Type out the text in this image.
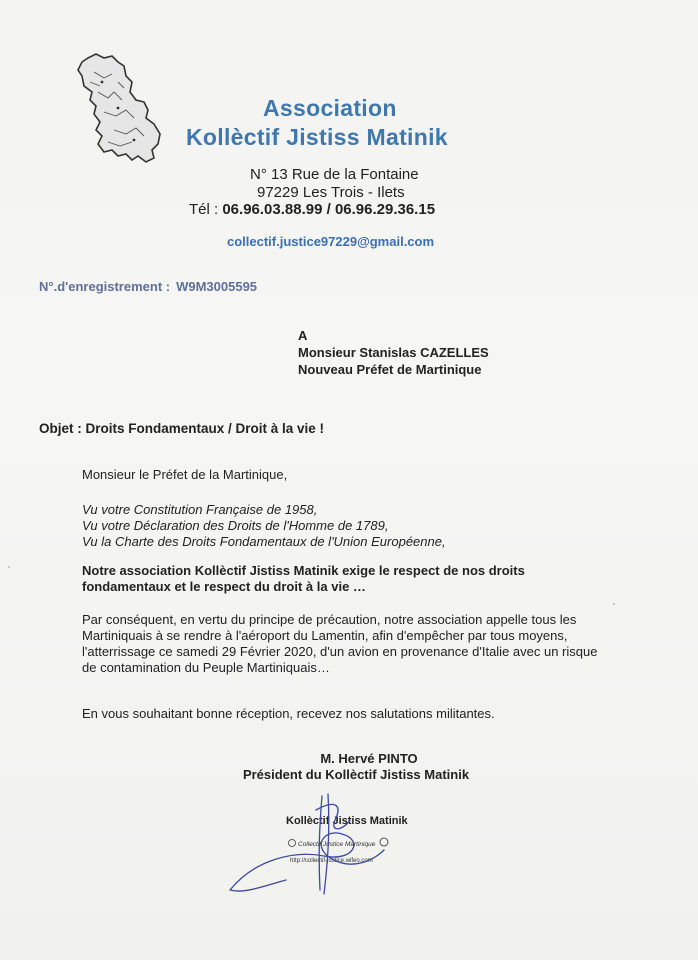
Association
Kollèctif Jistiss Matinik
N° 13 Rue de la Fontaine
97229 Les Trois - Ilets
Tél : 06.96.03.88.99 / 06.96.29.36.15
collectif.justice97229@gmail.com
N°.d'enregistrement : W9M3005595
A
Monsieur Stanislas CAZELLES
Nouveau Préfet de Martinique
Objet : Droits Fondamentaux / Droit à la vie !
Monsieur le Préfet de la Martinique,
Vu votre Constitution Française de 1958,
Vu votre Déclaration des Droits de l'Homme de 1789,
Vu la Charte des Droits Fondamentaux de l'Union Européenne,
Notre association Kollèctif Jistiss Matinik exige le respect de nos droits
fondamentaux et le respect du droit à la vie …
Par conséquent, en vertu du principe de précaution, notre association appelle tous les
Martiniquais à se rendre à l'aéroport du Lamentin, afin d'empêcher par tous moyens,
l'atterrissage ce samedi 29 Février 2020, d'un avion en provenance d'Italie avec un risque
de contamination du Peuple Martiniquais…
En vous souhaitant bonne réception, recevez nos salutations militantes.
M. Hervé PINTO
Président du Kollèctif Jistiss Matinik
Kollèctif Jistiss Matinik
Collectif Justice Martinique
http://collectif-justice.wifeo.com
